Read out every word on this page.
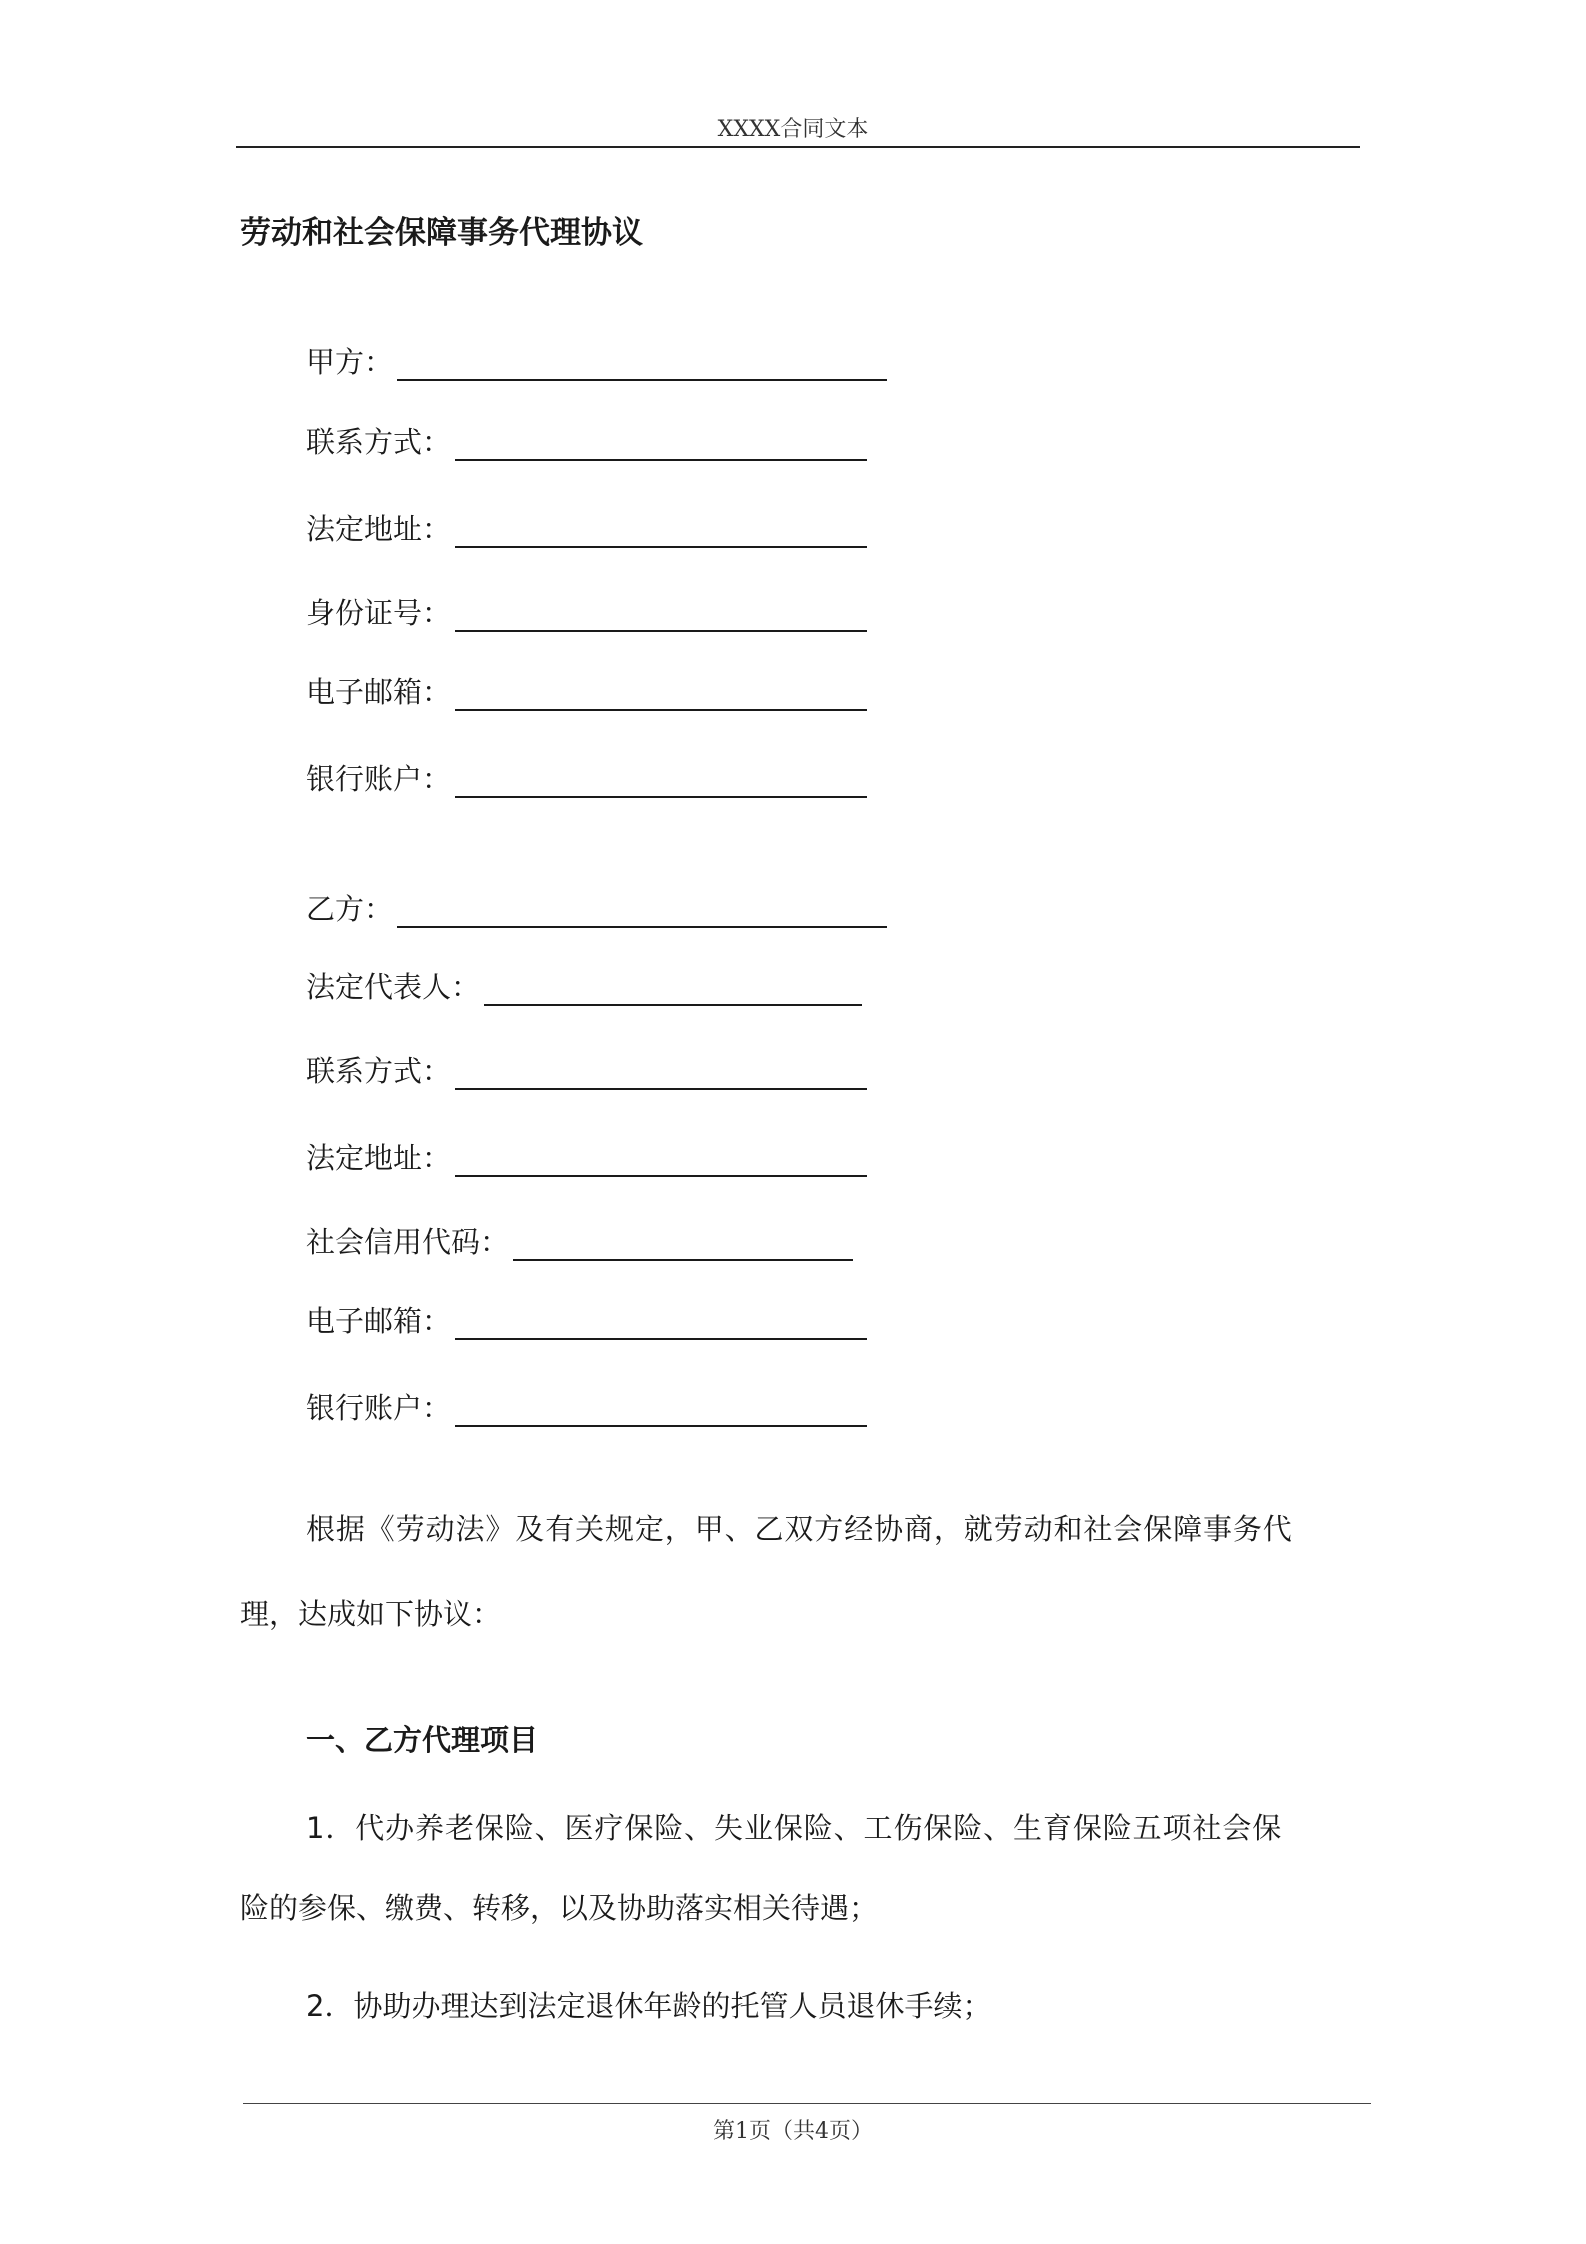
XXXX合同文本
劳动和社会保障事务代理协议
甲方：
联系方式：
法定地址：
身份证号：
电子邮箱：
银行账户：
乙方：
法定代表人：
联系方式：
法定地址：
社会信用代码：
电子邮箱：
银行账户：
根据《劳动法》及有关规定，甲、乙双方经协商，就劳动和社会保障事务代
理，达成如下协议：
一、乙方代理项目
1．代办养老保险、医疗保险、失业保险、工伤保险、生育保险五项社会保
险的参保、缴费、转移，以及协助落实相关待遇；
2．协助办理达到法定退休年龄的托管人员退休手续；
第1页（共4页）
